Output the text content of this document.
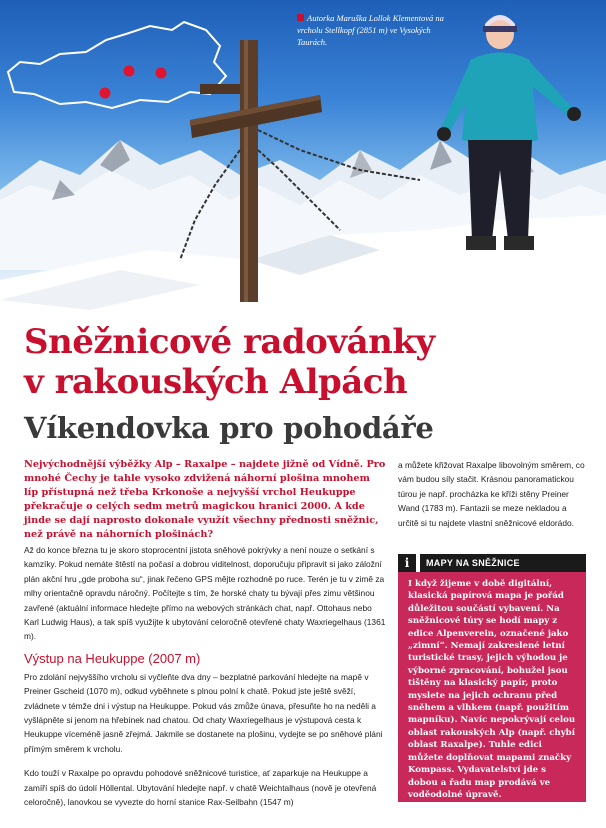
Autorka Maruška Lollok Klementová na vrcholu Stellkopf (2851 m) ve Vysokých Taurách.
Sněžnicové radovánky
v rakouských Alpách
Víkendovka pro pohodáře

Nejvýchodnější výběžky Alp – Raxalpe – najdete jižně od Vídně. Pro mnohé Čechy je tahle vysoko zdvižená náhorní plošina mnohem líp přístupná než třeba Krkonoše a nejvyšší vrchol Heukuppe překračuje o celých sedm metrů magickou hranici 2000. A kde jinde se dají naprosto dokonale využít všechny přednosti sněžnic, než právě na náhorních plošinách?

Až do konce března tu je skoro stoprocentní jistota sněhové pokrývky a není nouze o setkání s kamzíky. Pokud nemáte štěstí na počasí a dobrou viditelnost, doporučuju připravit si jako záložní plán akční hru „gde proboha su“, jinak řečeno GPS mějte rozhodně po ruce. Terén je tu v zimě za mlhy orientačně opravdu náročný. Počítejte s tím, že horské chaty tu bývají přes zimu většinou zavřené (aktuální informace hledejte přímo na webových stránkách chat, např. Ottohaus nebo Karl Ludwig Haus), a tak spíš využijte k ubytování celoročně otevřené chaty Waxriegelhaus (1361 m).

Výstup na Heukuppe (2007 m)

Pro zdolání nejvyššího vrcholu si vyčleňte dva dny – bezplatné parkování hledejte na mapě v Preiner Gscheid (1070 m), odkud vyběhnete s plnou polní k chatě. Pokud jste ještě svěží, zvládnete v témže dni i výstup na Heukuppe. Pokud vás zmůže únava, přesuňte ho na neděli a vyšlápněte si jenom na hřebínek nad chatou. Od chaty Waxriegelhaus je výstupová cesta k Heukuppe víceméně jasně zřejmá. Jakmile se dostanete na plošinu, vydejte se po sněhové pláni přímým směrem k vrcholu.

Kdo touží v Raxalpe po opravdu pohodové sněžnicové turistice, ať zaparkuje na Heukuppe a zamíří spíš do údolí Höllental. Ubytování hledejte např. v chatě Weichtalhaus (nově je otevřená celoročně), lanovkou se vyvezte do horní stanice Rax-Seilbahn (1547 m)

a můžete křižovat Raxalpe libovolným směrem, co vám budou síly stačit. Krásnou panoramatickou túrou je např. procházka ke kříži stěny Preiner Wand (1783 m). Fantazii se meze nekladou a určitě si tu najdete vlastní sněžnicové eldorádo.

i	MAPY NA SNĚŽNICE

I když žijeme v době digitální, klasická papírová mapa je pořád důležitou součástí vybavení. Na sněžnicové túry se hodí mapy z edice Alpenverein, označené jako „zimní“. Nemají zakreslené letní turistické trasy, jejich výhodou je výborné zpracování, bohužel jsou tištěny na klasický papír, proto myslete na jejich ochranu před sněhem a vlhkem (např. použitím mapníku). Navíc nepokrývají celou oblast rakouských Alp (např. chybí oblast Raxalpe). Tuhle edici můžete doplňovat mapami značky Kompass. Vydavatelství jde s dobou a řadu map prodává ve voděodolné úpravě.
